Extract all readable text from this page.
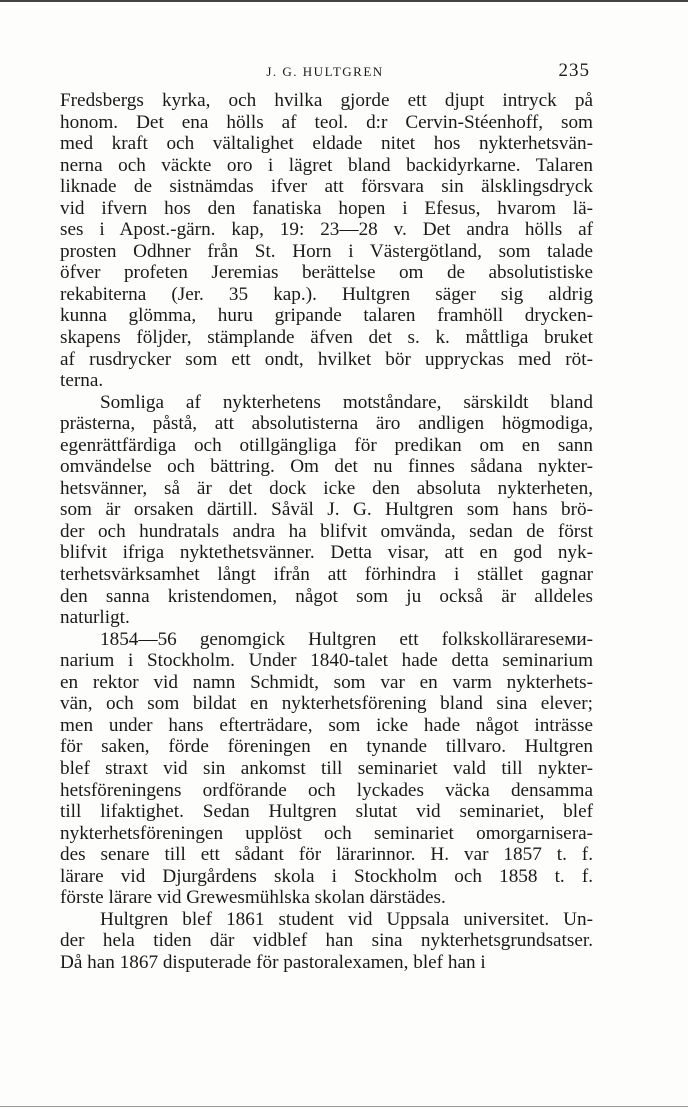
J. G. HULTGREN	235
Fredsbergs kyrka, och hvilka gjorde ett djupt intryck på
honom. Det ena hölls af teol. d:r Cervin-Stéenhoff, som
med kraft och vältalighet eldade nitet hos nykterhetsvän-
nerna och väckte oro i lägret bland backidyrkarne. Talaren
liknade de sistnämdas ifver att försvara sin älsklingsdryck
vid ifvern hos den fanatiska hopen i Efesus, hvarom lä-
ses i Apost.-gärn. kap, 19: 23—28 v. Det andra hölls af
prosten Odhner från St. Horn i Västergötland, som talade
öfver profeten Jeremias berättelse om de absolutistiske
rekabiterna (Jer. 35 kap.). Hultgren säger sig aldrig
kunna glömma, huru gripande talaren framhöll drycken-
skapens följder, stämplande äfven det s. k. måttliga bruket
af rusdrycker som ett ondt, hvilket bör uppryckas med röt-
terna.
Somliga af nykterhetens motståndare, särskildt bland
prästerna, påstå, att absolutisterna äro andligen högmodiga,
egenrättfärdiga och otillgängliga för predikan om en sann
omvändelse och bättring. Om det nu finnes sådana nykter-
hetsvänner, så är det dock icke den absoluta nykterheten,
som är orsaken därtill. Såväl J. G. Hultgren som hans brö-
der och hundratals andra ha blifvit omvända, sedan de först
blifvit ifriga nyktethetsvänner. Detta visar, att en god nyk-
terhetsvärksamhet långt ifrån att förhindra i stället gagnar
den sanna kristendomen, något som ju också är alldeles
naturligt.
1854—56 genomgick Hultgren ett folkskollärareseми-
narium i Stockholm. Under 1840-talet hade detta seminarium
en rektor vid namn Schmidt, som var en varm nykterhets-
vän, och som bildat en nykterhetsförening bland sina elever;
men under hans efterträdare, som icke hade något inträsse
för saken, förde föreningen en tynande tillvaro. Hultgren
blef straxt vid sin ankomst till seminariet vald till nykter-
hetsföreningens ordförande och lyckades väcka densamma
till lifaktighet. Sedan Hultgren slutat vid seminariet, blef
nykterhetsföreningen upplöst och seminariet omorgarnisera-
des senare till ett sådant för lärarinnor. H. var 1857 t. f.
lärare vid Djurgårdens skola i Stockholm och 1858 t. f.
förste lärare vid Grewesmühlska skolan därstädes.
Hultgren blef 1861 student vid Uppsala universitet. Un-
der hela tiden där vidblef han sina nykterhetsgrundsatser.
Då han 1867 disputerade för pastoralexamen, blef han i
